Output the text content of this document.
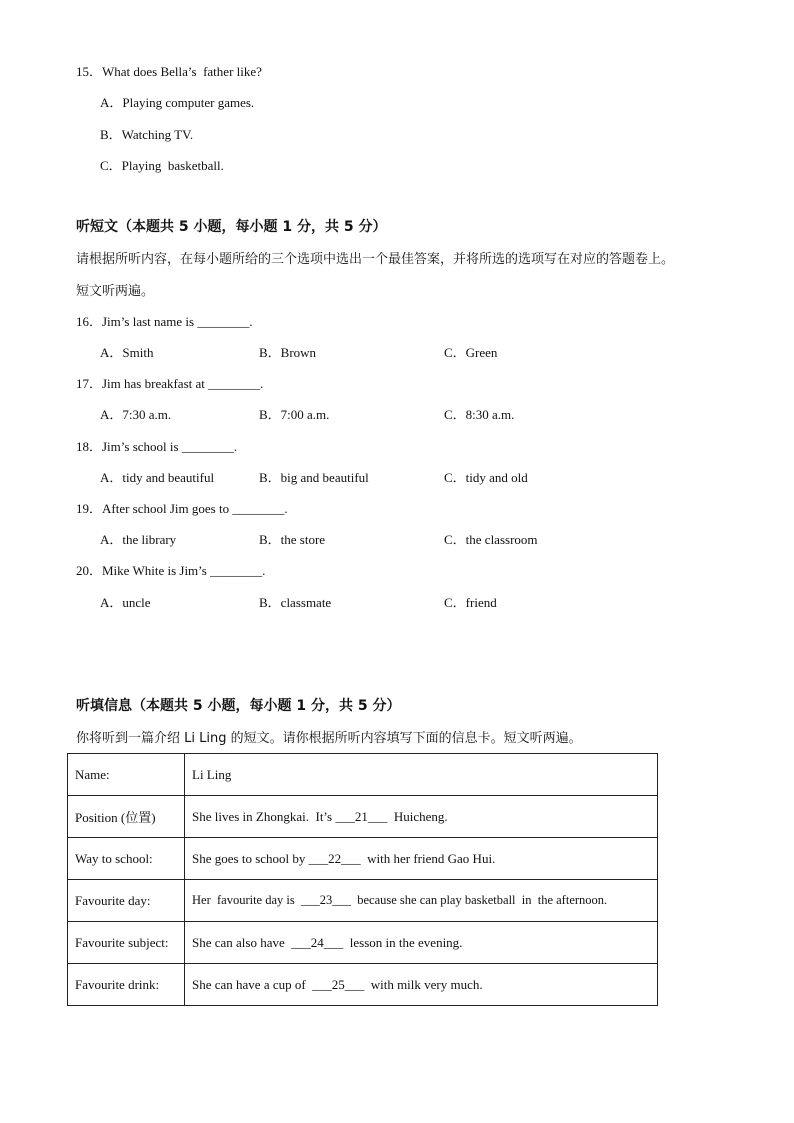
15．What does Bella’s  father like?
A．Playing computer games.
B．Watching TV.
C．Playing  basketball.
听短文（本题共 5 小题，每小题 1 分，共 5 分）
请根据所听内容，在每小题所给的三个选项中选出一个最佳答案，并将所选的选项写在对应的答题卷上。
短文听两遍。
16．Jim’s last name is ________.
A．Smith	B．Brown	C．Green
17．Jim has breakfast at ________.
A．7:30 a.m.	B．7:00 a.m.	C．8:30 a.m.
18．Jim’s school is ________.
A．tidy and beautiful	B．big and beautiful	C．tidy and old
19．After school Jim goes to ________.
A．the library	B．the store	C．the classroom
20．Mike White is Jim’s ________.
A．uncle	B．classmate	C．friend
听填信息（本题共 5 小题，每小题 1 分，共 5 分）
你将听到一篇介绍 Li Ling 的短文。请你根据所听内容填写下面的信息卡。短文听两遍。
Name:	Li Ling
Position (位置)	She lives in Zhongkai.  It’s ___21___  Huicheng.
Way to school:	She goes to school by ___22___  with her friend Gao Hui.
Favourite day:	Her  favourite day is  ___23___  because she can play basketball  in  the afternoon.
Favourite subject:	She can also have  ___24___  lesson in the evening.
Favourite drink:	She can have a cup of  ___25___  with milk very much.
